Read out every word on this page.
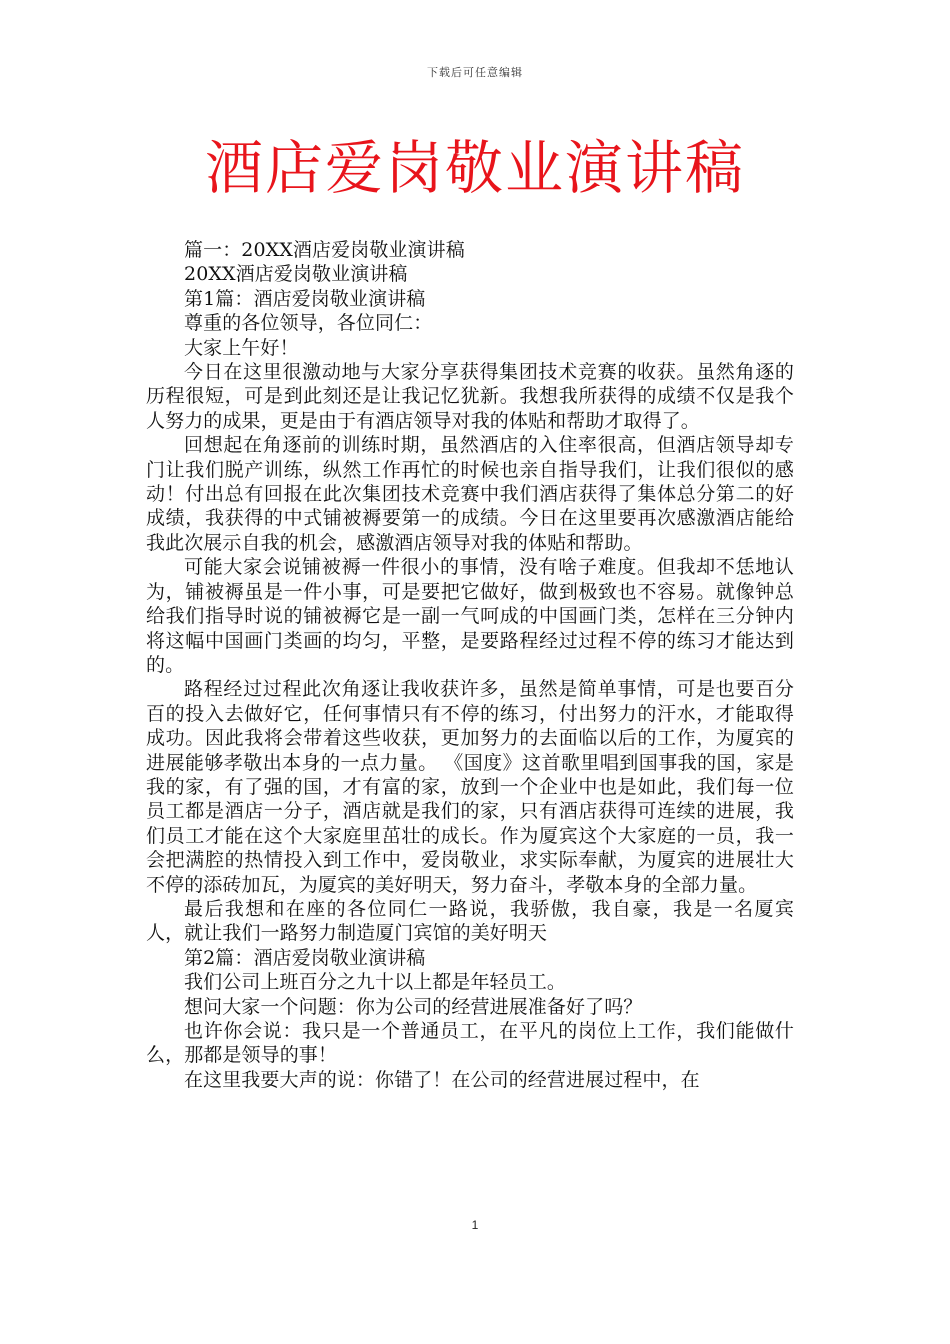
下载后可任意编辑
酒店爱岗敬业演讲稿

篇一：20XX酒店爱岗敬业演讲稿

20XX酒店爱岗敬业演讲稿

第1篇：酒店爱岗敬业演讲稿

尊重的各位领导，各位同仁：

大家上午好！

今日在这里很激动地与大家分享获得集团技术竞赛的收获。虽然角逐的历程很短，可是到此刻还是让我记忆犹新。我想我所获得的成绩不仅是我个人努力的成果，更是由于有酒店领导对我的体贴和帮助才取得了。

回想起在角逐前的训练时期，虽然酒店的入住率很高，但酒店领导却专门让我们脱产训练，纵然工作再忙的时候也亲自指导我们，让我们很似的感动！付出总有回报在此次集团技术竞赛中我们酒店获得了集体总分第二的好成绩，我获得的中式铺被褥要第一的成绩。今日在这里要再次感激酒店能给我此次展示自我的机会，感激酒店领导对我的体贴和帮助。

可能大家会说铺被褥一件很小的事情，没有啥子难度。但我却不恁地认为，铺被褥虽是一件小事，可是要把它做好，做到极致也不容易。就像钟总给我们指导时说的铺被褥它是一副一气呵成的中国画门类，怎样在三分钟内将这幅中国画门类画的均匀，平整，是要路程经过过程不停的练习才能达到的。

路程经过过程此次角逐让我收获许多，虽然是简单事情，可是也要百分百的投入去做好它，任何事情只有不停的练习，付出努力的汗水，才能取得成功。因此我将会带着这些收获，更加努力的去面临以后的工作，为厦宾的进展能够孝敬出本身的一点力量。 《国度》这首歌里唱到国事我的国，家是我的家，有了强的国，才有富的家，放到一个企业中也是如此，我们每一位员工都是酒店一分子，酒店就是我们的家，只有酒店获得可连续的进展，我们员工才能在这个大家庭里茁壮的成长。作为厦宾这个大家庭的一员，我一会把满腔的热情投入到工作中，爱岗敬业，求实际奉献，为厦宾的进展壮大不停的添砖加瓦，为厦宾的美好明天，努力奋斗，孝敬本身的全部力量。

最后我想和在座的各位同仁一路说，我骄傲，我自豪，我是一名厦宾人，就让我们一路努力制造厦门宾馆的美好明天

第2篇：酒店爱岗敬业演讲稿

我们公司上班百分之九十以上都是年轻员工。

想问大家一个问题：你为公司的经营进展准备好了吗？

也许你会说：我只是一个普通员工，在平凡的岗位上工作，我们能做什么，那都是领导的事！

在这里我要大声的说：你错了！在公司的经营进展过程中，在

1
